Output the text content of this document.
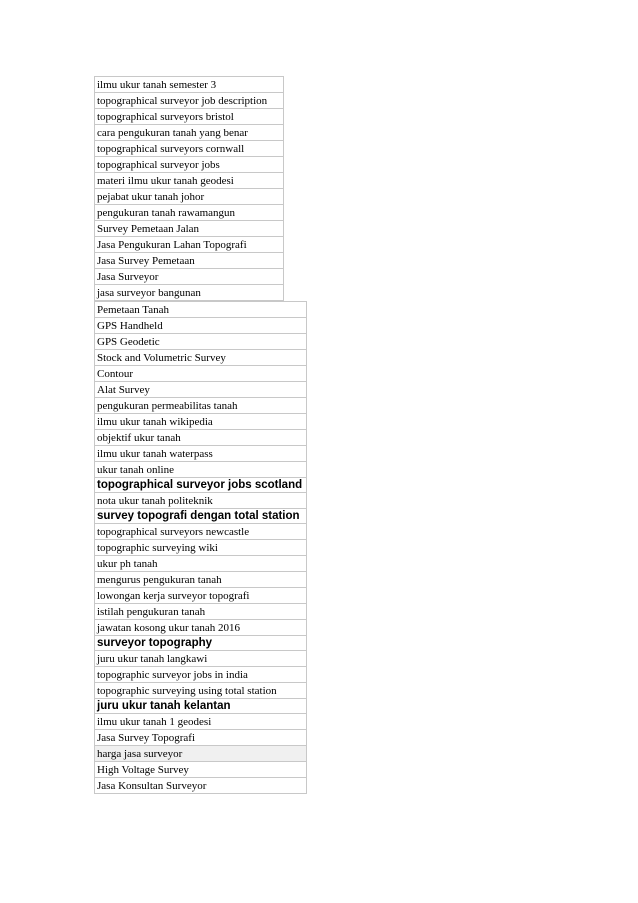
ilmu ukur tanah semester 3
topographical surveyor job description
topographical surveyors bristol
cara pengukuran tanah yang benar
topographical surveyors cornwall
topographical surveyor jobs
materi ilmu ukur tanah geodesi
pejabat ukur tanah johor
pengukuran tanah rawamangun
Survey Pemetaan Jalan
Jasa Pengukuran Lahan Topografi
Jasa Survey Pemetaan
Jasa Surveyor
jasa surveyor bangunan
Pemetaan Tanah
GPS Handheld
GPS Geodetic
Stock and Volumetric Survey
Contour
Alat Survey
pengukuran permeabilitas tanah
ilmu ukur tanah wikipedia
objektif ukur tanah
ilmu ukur tanah waterpass
ukur tanah online
topographical surveyor jobs scotland
nota ukur tanah politeknik
survey topografi dengan total station
topographical surveyors newcastle
topographic surveying wiki
ukur ph tanah
mengurus pengukuran tanah
lowongan kerja surveyor topografi
istilah pengukuran tanah
jawatan kosong ukur tanah 2016
surveyor topography
juru ukur tanah langkawi
topographic surveyor jobs in india
topographic surveying using total station
juru ukur tanah kelantan
ilmu ukur tanah 1 geodesi
Jasa Survey Topografi
harga jasa surveyor
High Voltage Survey
Jasa Konsultan Surveyor
